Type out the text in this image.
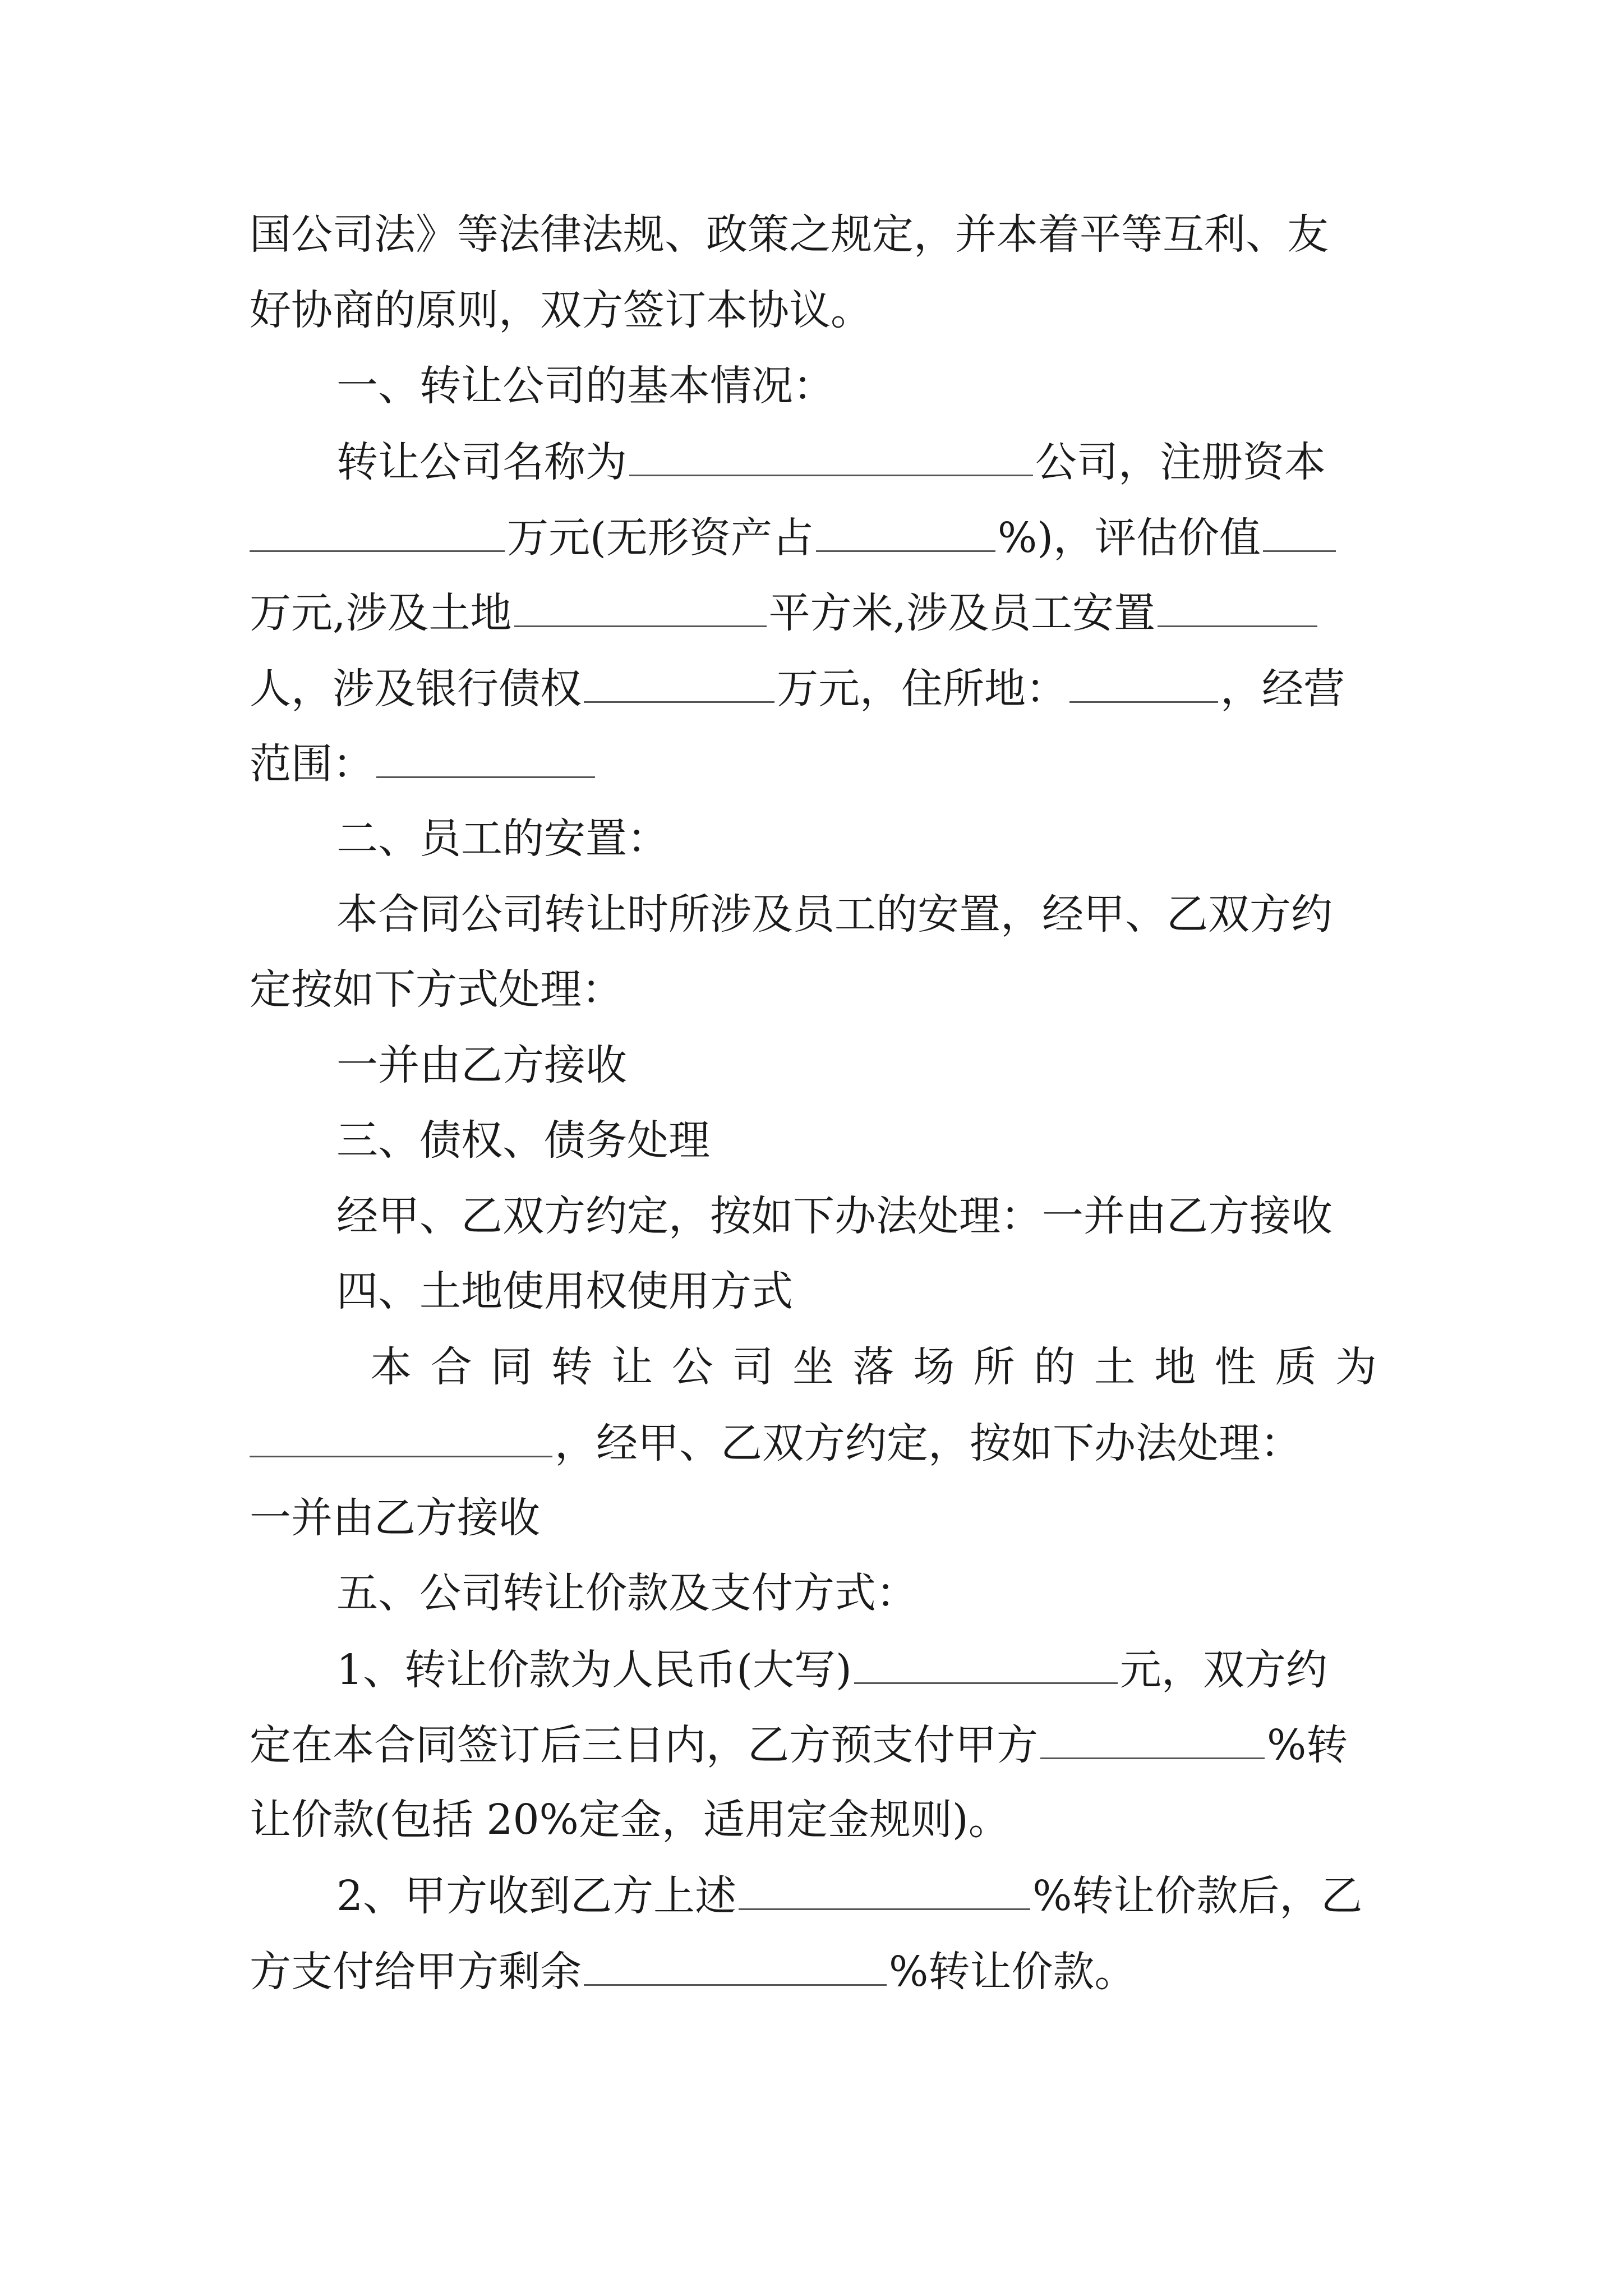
国公司法》等法律法规、政策之规定，并本着平等互利、友
好协商的原则，双方签订本协议。
一、转让公司的基本情况：
转让公司名称为	公司，注册资本
万元(无形资产占	%)，评估价值
万元,涉及土地	平方米,涉及员工安置
人，涉及银行债权	万元，住所地：	，经营
范围：
二、员工的安置：
本合同公司转让时所涉及员工的安置，经甲、乙双方约
定按如下方式处理：
一并由乙方接收
三、债权、债务处理
经甲、乙双方约定，按如下办法处理：一并由乙方接收
四、土地使用权使用方式
本 合 同 转 让 公 司 坐 落 场 所 的 土 地 性 质 为
，经甲、乙双方约定，按如下办法处理：
一并由乙方接收
五、公司转让价款及支付方式：
1、转让价款为人民币(大写)	元，双方约
定在本合同签订后三日内，乙方预支付甲方	%转
让价款(包括 20%定金，适用定金规则)。
2、甲方收到乙方上述	%转让价款后，乙
方支付给甲方剩余	%转让价款。
